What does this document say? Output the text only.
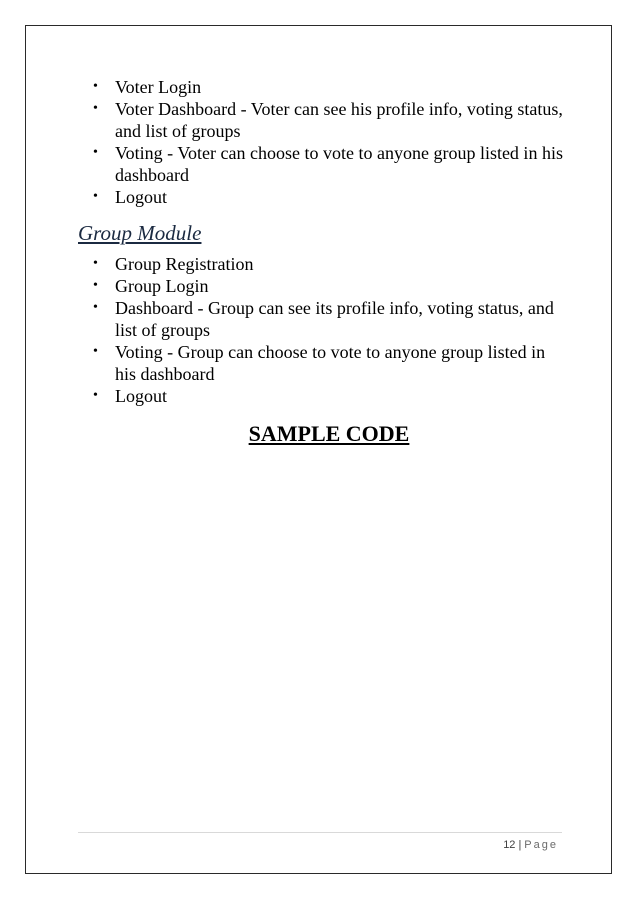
• Voter Login
• Voter Dashboard - Voter can see his profile info, voting status, and list of groups
• Voting - Voter can choose to vote to anyone group listed in his dashboard
• Logout
Group Module
• Group Registration
• Group Login
• Dashboard - Group can see its profile info, voting status, and list of groups
• Voting - Group can choose to vote to anyone group listed in his dashboard
• Logout
SAMPLE CODE
12 | Page
